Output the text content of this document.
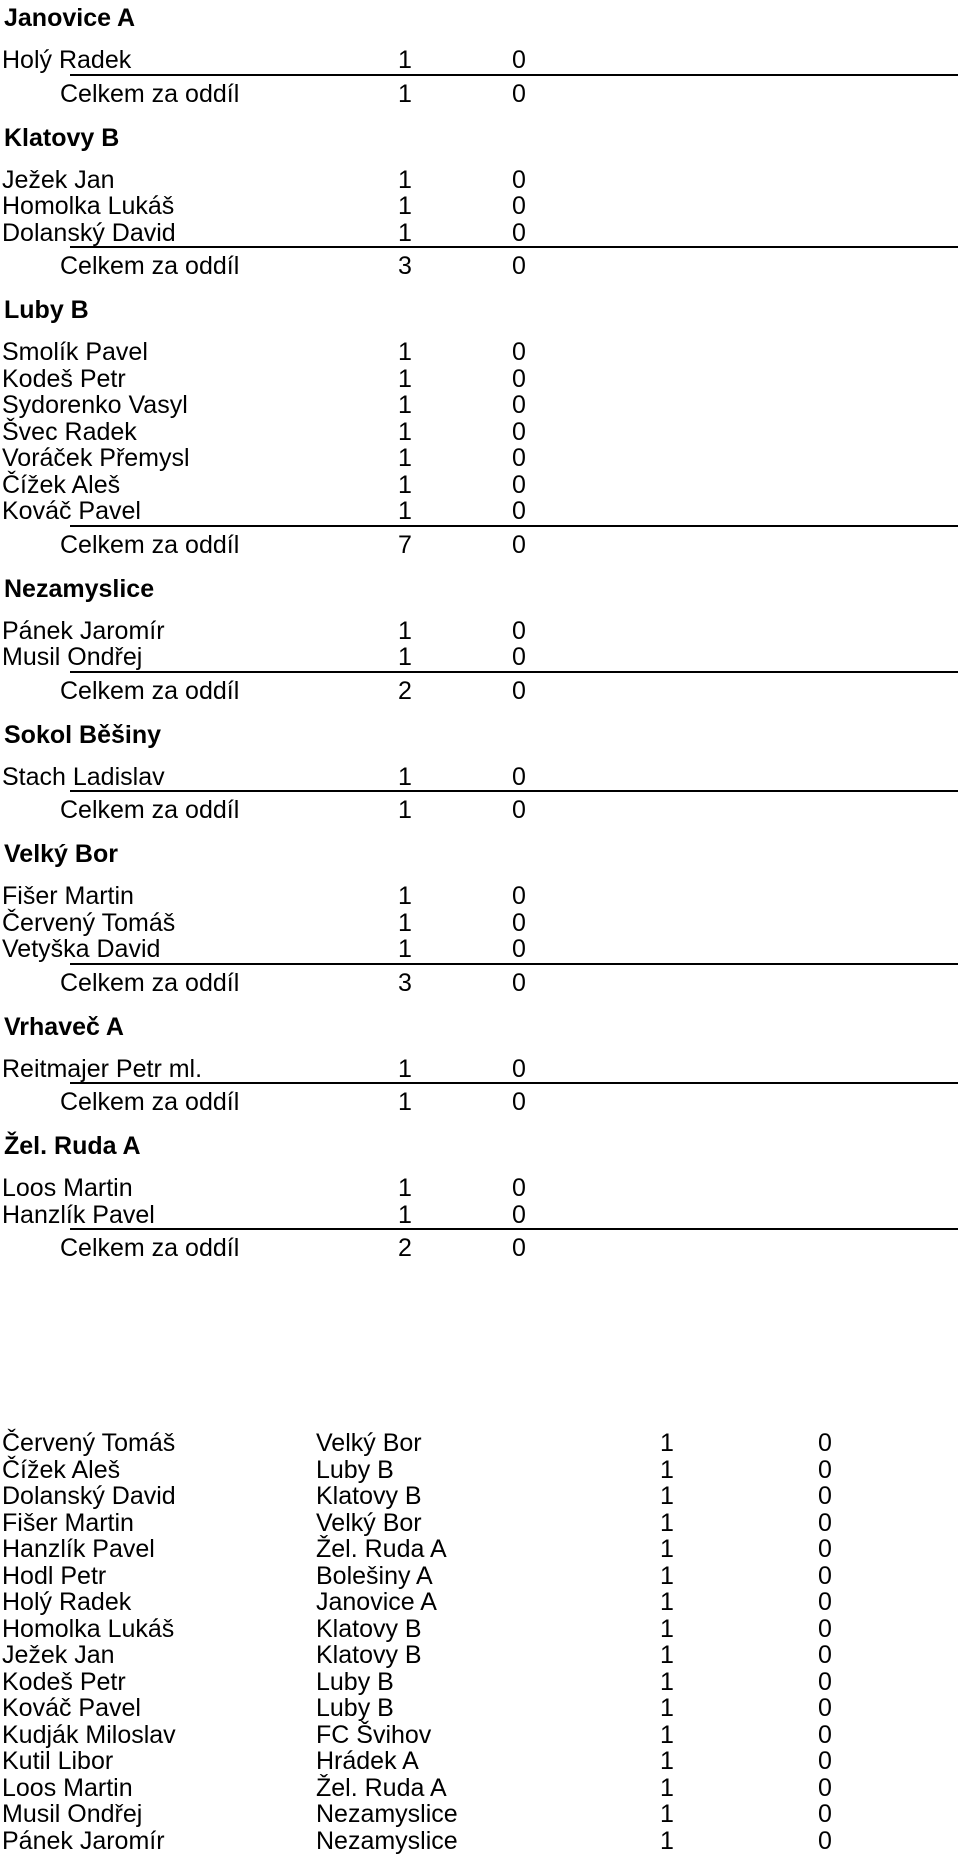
Janovice A
Holý Radek	1	0
Celkem za oddíl	1	0
Klatovy B
Ježek Jan	1	0
Homolka Lukáš	1	0
Dolanský David	1	0
Celkem za oddíl	3	0
Luby B
Smolík Pavel	1	0
Kodeš Petr	1	0
Sydorenko Vasyl	1	0
Švec Radek	1	0
Voráček Přemysl	1	0
Čížek Aleš	1	0
Kováč Pavel	1	0
Celkem za oddíl	7	0
Nezamyslice
Pánek Jaromír	1	0
Musil Ondřej	1	0
Celkem za oddíl	2	0
Sokol Běšiny
Stach Ladislav	1	0
Celkem za oddíl	1	0
Velký Bor
Fišer Martin	1	0
Červený Tomáš	1	0
Vetyška David	1	0
Celkem za oddíl	3	0
Vrhaveč A
Reitmajer Petr ml.	1	0
Celkem za oddíl	1	0
Žel. Ruda A
Loos Martin	1	0
Hanzlík Pavel	1	0
Celkem za oddíl	2	0
Červený Tomáš	Velký Bor	1	0
Čížek Aleš	Luby B	1	0
Dolanský David	Klatovy B	1	0
Fišer Martin	Velký Bor	1	0
Hanzlík Pavel	Žel. Ruda A	1	0
Hodl Petr	Bolešiny A	1	0
Holý Radek	Janovice A	1	0
Homolka Lukáš	Klatovy B	1	0
Ježek Jan	Klatovy B	1	0
Kodeš Petr	Luby B	1	0
Kováč Pavel	Luby B	1	0
Kudják Miloslav	FC Švihov	1	0
Kutil Libor	Hrádek A	1	0
Loos Martin	Žel. Ruda A	1	0
Musil Ondřej	Nezamyslice	1	0
Pánek Jaromír	Nezamyslice	1	0
